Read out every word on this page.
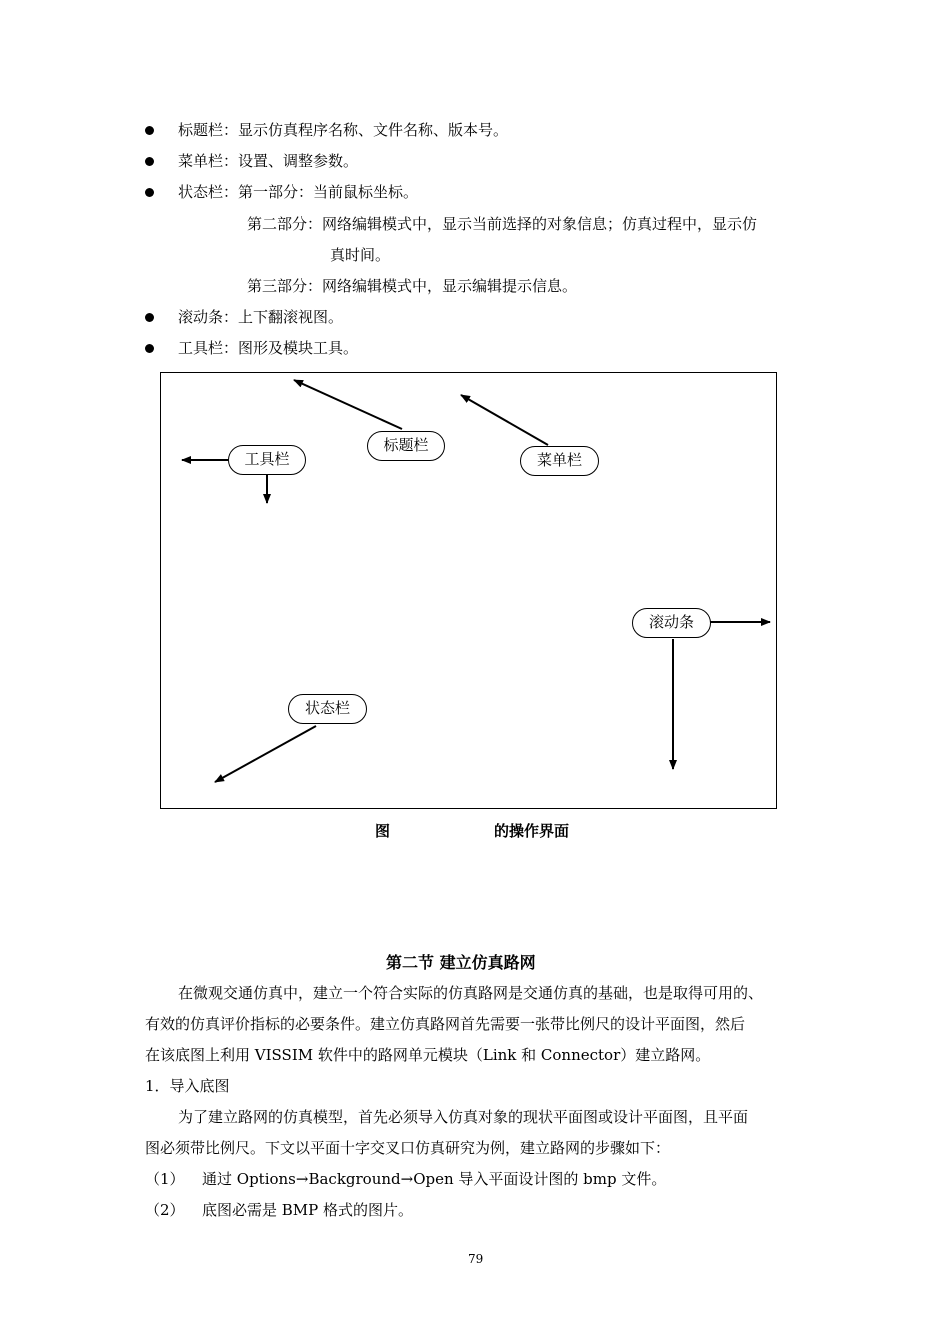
标题栏：显示仿真程序名称、文件名称、版本号。
菜单栏：设置、调整参数。
状态栏：第一部分：当前鼠标坐标。
第二部分：网络编辑模式中，显示当前选择的对象信息；仿真过程中，显示仿
真时间。
第三部分：网络编辑模式中，显示编辑提示信息。
滚动条：上下翻滚视图。
工具栏：图形及模块工具。
工具栏
标题栏
菜单栏
滚动条
状态栏
图	的操作界面
第二节 建立仿真路网
在微观交通仿真中，建立一个符合实际的仿真路网是交通仿真的基础，也是取得可用的、
有效的仿真评价指标的必要条件。建立仿真路网首先需要一张带比例尺的设计平面图，然后
在该底图上利用 VISSIM 软件中的路网单元模块（Link 和 Connector）建立路网。
1．导入底图
为了建立路网的仿真模型，首先必须导入仿真对象的现状平面图或设计平面图，且平面
图必须带比例尺。下文以平面十字交叉口仿真研究为例，建立路网的步骤如下：
（1） 通过 Options→Background→Open 导入平面设计图的 bmp 文件。
（2） 底图必需是 BMP 格式的图片。
79
